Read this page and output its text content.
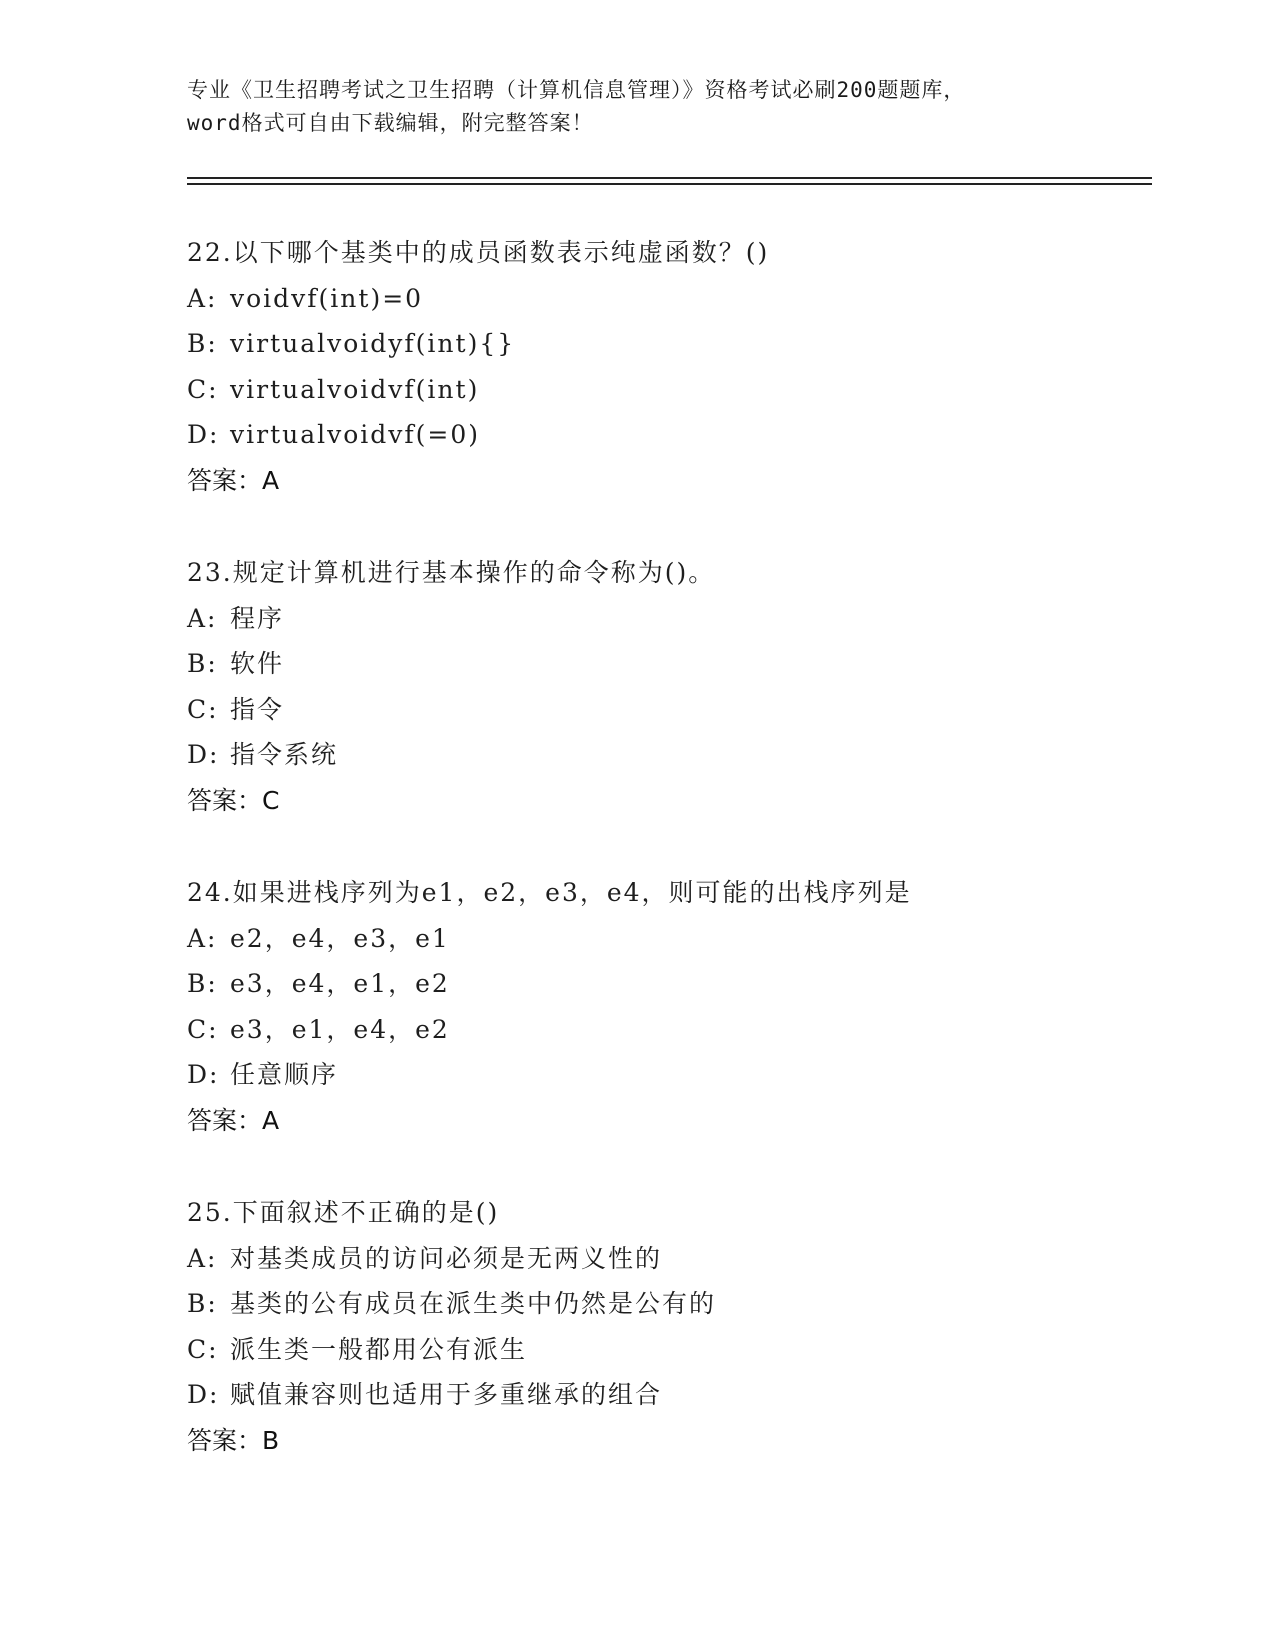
专业《卫生招聘考试之卫生招聘（计算机信息管理）》资格考试必刷200题题库，
word格式可自由下载编辑，附完整答案！
22.以下哪个基类中的成员函数表示纯虚函数？()
A: voidvf(int)=0
B: virtualvoidyf(int){}
C: virtualvoidvf(int)
D: virtualvoidvf(=0)
答案：A
23.规定计算机进行基本操作的命令称为()。
A: 程序
B: 软件
C: 指令
D: 指令系统
答案：C
24.如果进栈序列为e1，e2，e3，e4，则可能的出栈序列是
A: e2，e4，e3，e1
B: e3，e4，e1，e2
C: e3，e1，e4，e2
D: 任意顺序
答案：A
25.下面叙述不正确的是()
A: 对基类成员的访问必须是无两义性的
B: 基类的公有成员在派生类中仍然是公有的
C: 派生类一般都用公有派生
D: 赋值兼容则也适用于多重继承的组合
答案：B
